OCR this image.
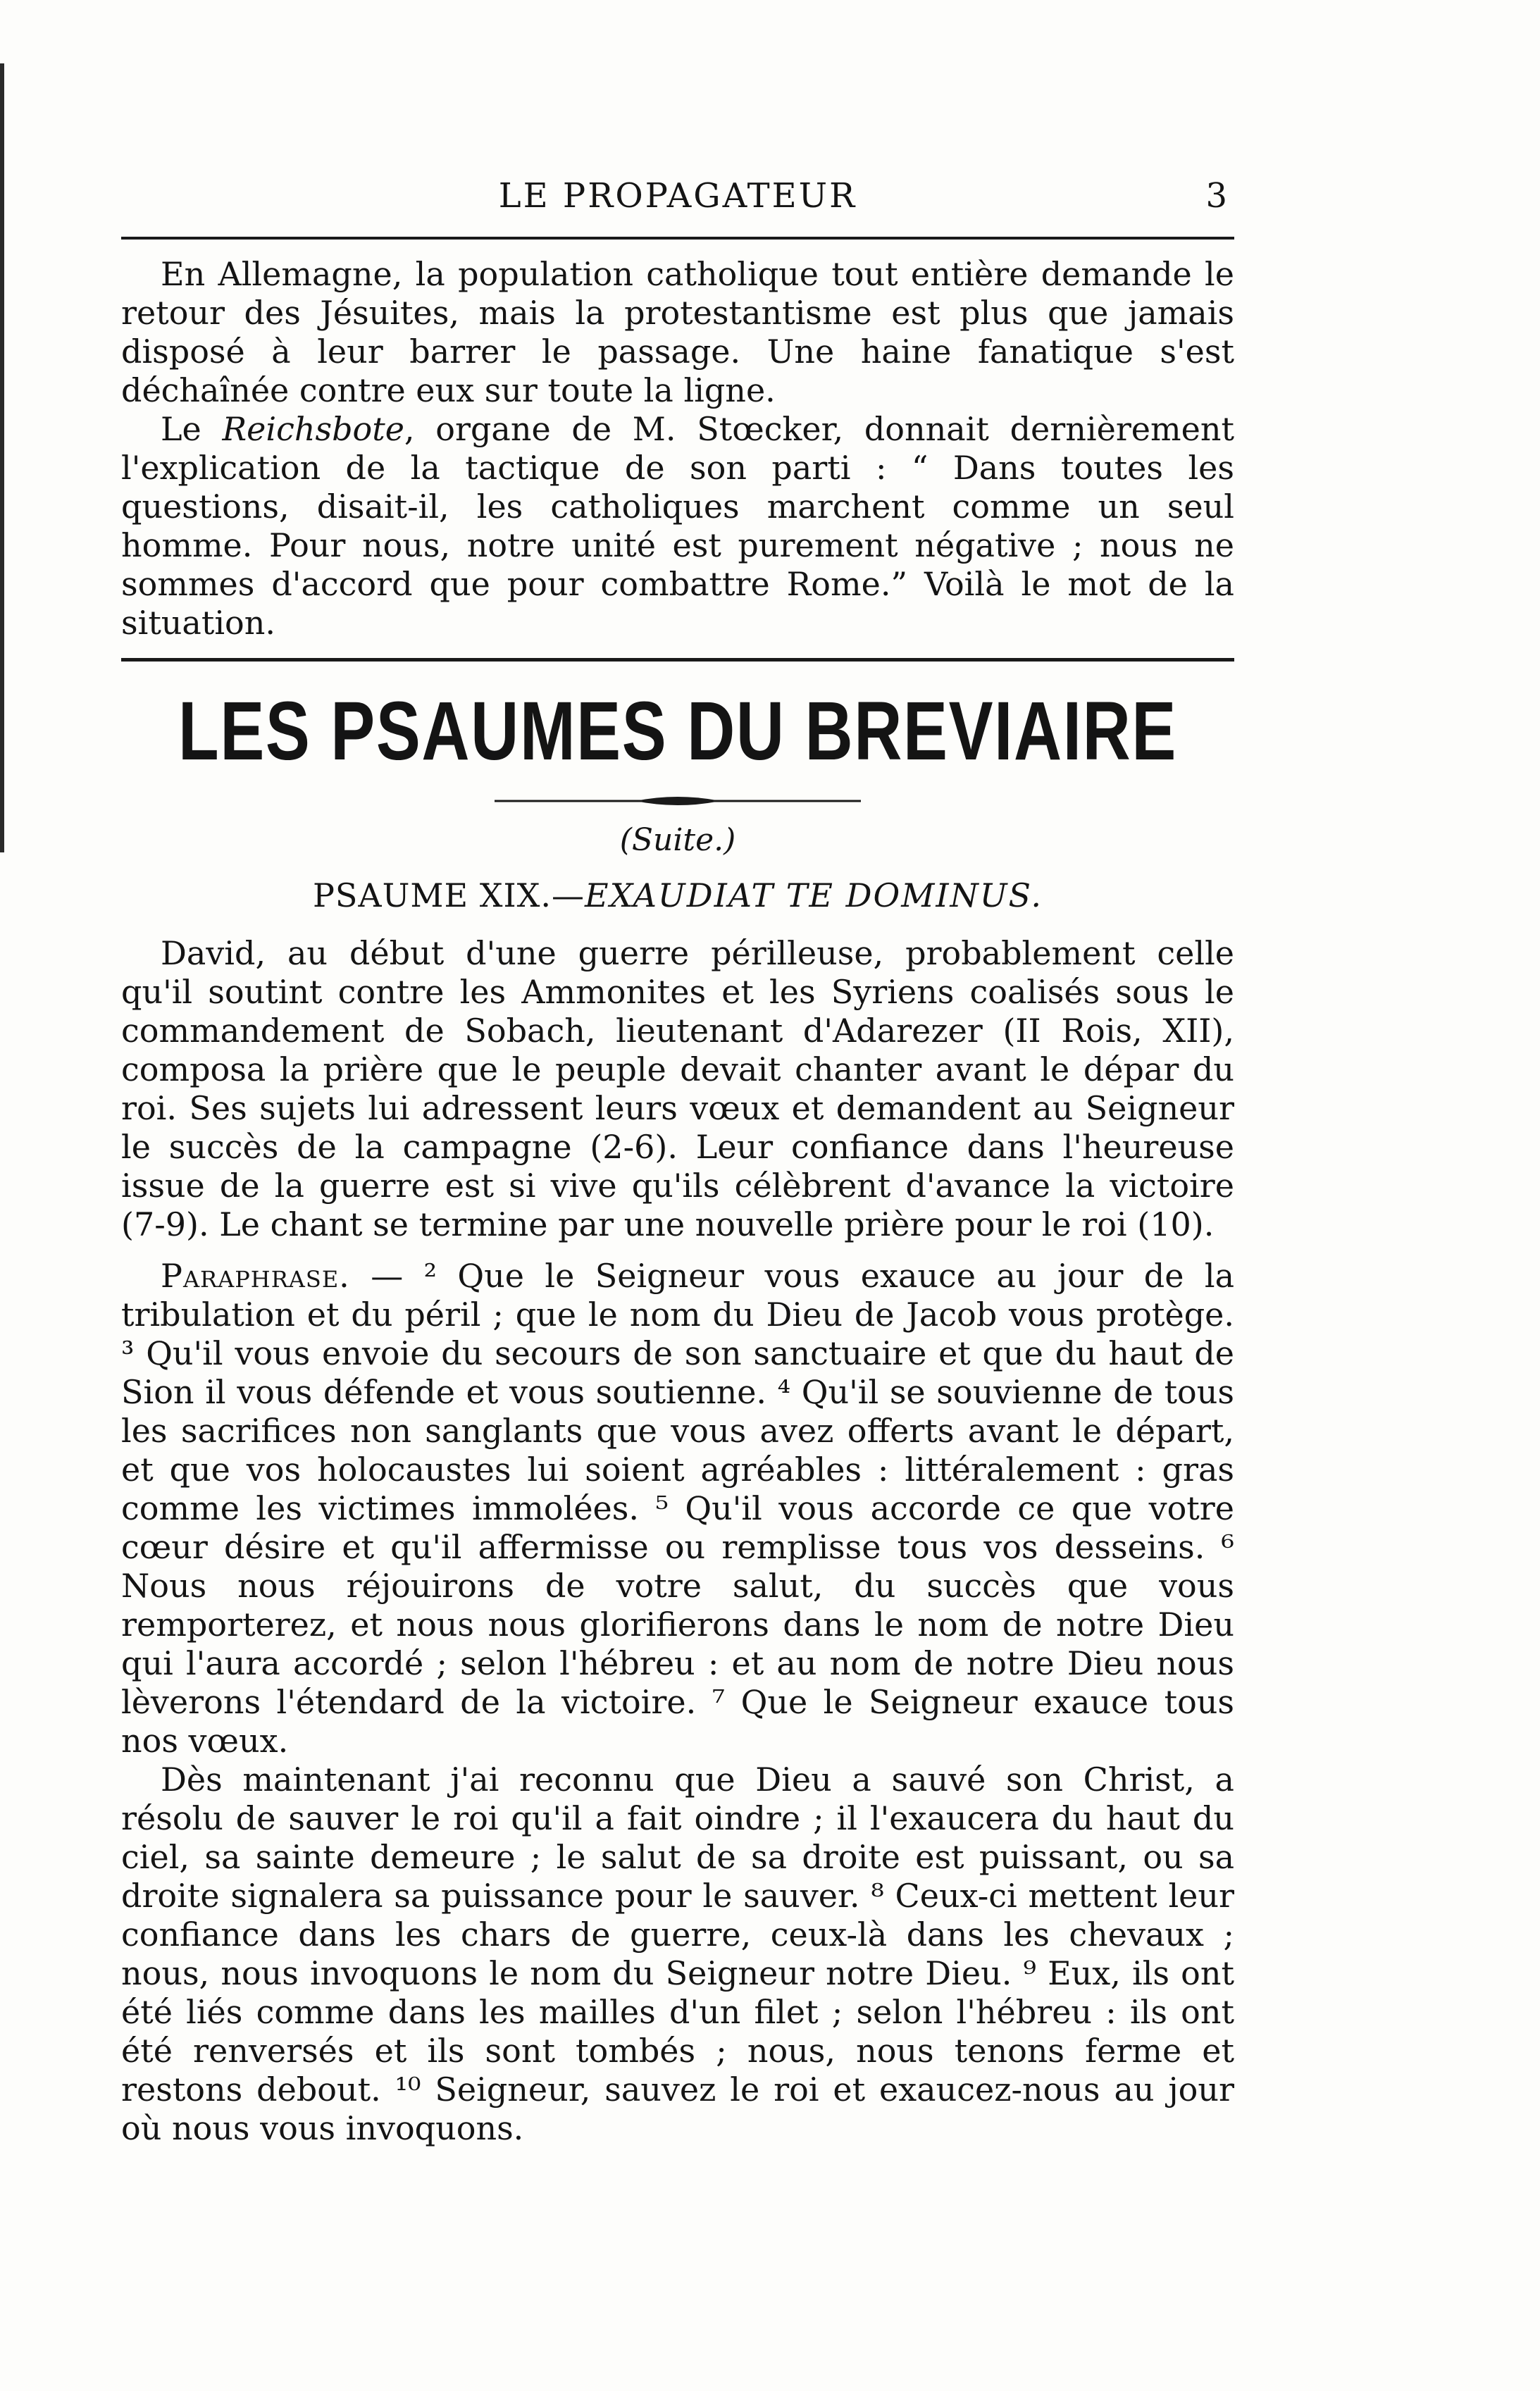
LE PROPAGATEUR	3

En Allemagne, la population catholique tout entière demande le retour des Jésuites, mais la protestantisme est plus que jamais disposé à leur barrer le passage. Une haine fanatique s'est déchaînée contre eux sur toute la ligne.

Le Reichsbote, organe de M. Stœcker, donnait dernièrement l'explication de la tactique de son parti : “ Dans toutes les questions, disait-il, les catholiques marchent comme un seul homme. Pour nous, notre unité est purement négative ; nous ne sommes d'accord que pour combattre Rome.” Voilà le mot de la situation.

LES PSAUMES DU BREVIAIRE
(Suite.)
PSAUME XIX.—EXAUDIAT TE DOMINUS.

David, au début d'une guerre périlleuse, probablement celle qu'il soutint contre les Ammonites et les Syriens coalisés sous le commandement de Sobach, lieutenant d'Adarezer (II Rois, XII), composa la prière que le peuple devait chanter avant le dépar du roi. Ses sujets lui adressent leurs vœux et demandent au Seigneur le succès de la campagne (2-6). Leur confiance dans l'heureuse issue de la guerre est si vive qu'ils célèbrent d'avance la victoire (7-9). Le chant se termine par une nouvelle prière pour le roi (10).

Paraphrase. — ² Que le Seigneur vous exauce au jour de la tribulation et du péril ; que le nom du Dieu de Jacob vous protège. ³ Qu'il vous envoie du secours de son sanctuaire et que du haut de Sion il vous défende et vous soutienne. ⁴ Qu'il se souvienne de tous les sacrifices non sanglants que vous avez offerts avant le départ, et que vos holocaustes lui soient agréables : littéralement : gras comme les victimes immolées. ⁵ Qu'il vous accorde ce que votre cœur désire et qu'il affermisse ou remplisse tous vos desseins. ⁶ Nous nous réjouirons de votre salut, du succès que vous remporterez, et nous nous glorifierons dans le nom de notre Dieu qui l'aura accordé ; selon l'hébreu : et au nom de notre Dieu nous lèverons l'étendard de la victoire. ⁷ Que le Seigneur exauce tous nos vœux.

Dès maintenant j'ai reconnu que Dieu a sauvé son Christ, a résolu de sauver le roi qu'il a fait oindre ; il l'exaucera du haut du ciel, sa sainte demeure ; le salut de sa droite est puissant, ou sa droite signalera sa puissance pour le sauver. ⁸ Ceux-ci mettent leur confiance dans les chars de guerre, ceux-là dans les chevaux ; nous, nous invoquons le nom du Seigneur notre Dieu. ⁹ Eux, ils ont été liés comme dans les mailles d'un filet ; selon l'hébreu : ils ont été renversés et ils sont tombés ; nous, nous tenons ferme et restons debout. ¹⁰ Seigneur, sauvez le roi et exaucez-nous au jour où nous vous invoquons.
